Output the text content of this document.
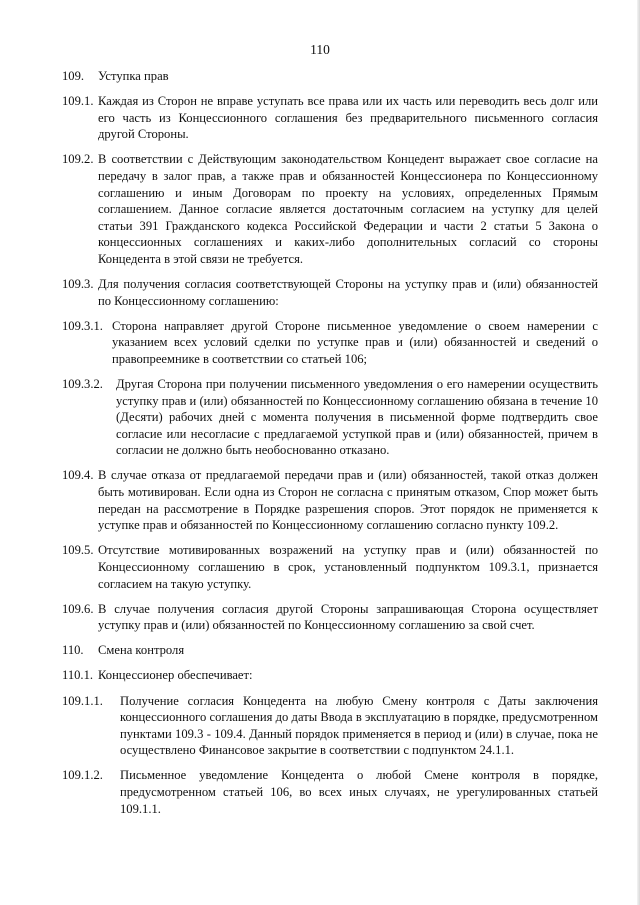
110
109.	Уступка прав
109.1. Каждая из Сторон не вправе уступать все права или их часть или переводить весь долг или его часть из Концессионного соглашения без предварительного письменного согласия другой Стороны.
109.2. В соответствии с Действующим законодательством Концедент выражает свое согласие на передачу в залог прав, а также прав и обязанностей Концессионера по Концессионному соглашению и иным Договорам по проекту на условиях, определенных Прямым соглашением. Данное согласие является достаточным согласием на уступку для целей статьи 391 Гражданского кодекса Российской Федерации и части 2 статьи 5 Закона о концессионных соглашениях и каких-либо дополнительных согласий со стороны Концедента в этой связи не требуется.
109.3. Для получения согласия соответствующей Стороны на уступку прав и (или) обязанностей по Концессионному соглашению:
109.3.1. Сторона направляет другой Стороне письменное уведомление о своем намерении с указанием всех условий сделки по уступке прав и (или) обязанностей и сведений о правопреемнике в соответствии со статьей 106;
109.3.2.	Другая Сторона при получении письменного уведомления о его намерении осуществить уступку прав и (или) обязанностей по Концессионному соглашению обязана в течение 10 (Десяти) рабочих дней с момента получения в письменной форме подтвердить свое согласие или несогласие с предлагаемой уступкой прав и (или) обязанностей, причем в согласии не должно быть необоснованно отказано.
109.4. В случае отказа от предлагаемой передачи прав и (или) обязанностей, такой отказ должен быть мотивирован. Если одна из Сторон не согласна с принятым отказом, Спор может быть передан на рассмотрение в Порядке разрешения споров. Этот порядок не применяется к уступке прав и обязанностей по Концессионному соглашению согласно пункту 109.2.
109.5. Отсутствие мотивированных возражений на уступку прав и (или) обязанностей по Концессионному соглашению в срок, установленный подпунктом 109.3.1, признается согласием на такую уступку.
109.6. В случае получения согласия другой Стороны запрашивающая Сторона осуществляет уступку прав и (или) обязанностей по Концессионному соглашению за свой счет.
110.	Смена контроля
110.1. Концессионер обеспечивает:
109.1.1.	Получение согласия Концедента на любую Смену контроля с Даты заключения концессионного соглашения до даты Ввода в эксплуатацию в порядке, предусмотренном пунктами 109.3 - 109.4. Данный порядок применяется в период и (или) в случае, пока не осуществлено Финансовое закрытие в соответствии с подпунктом 24.1.1.
109.1.2.	Письменное уведомление Концедента о любой Смене контроля в порядке, предусмотренном статьей 106, во всех иных случаях, не урегулированных статьей 109.1.1.
